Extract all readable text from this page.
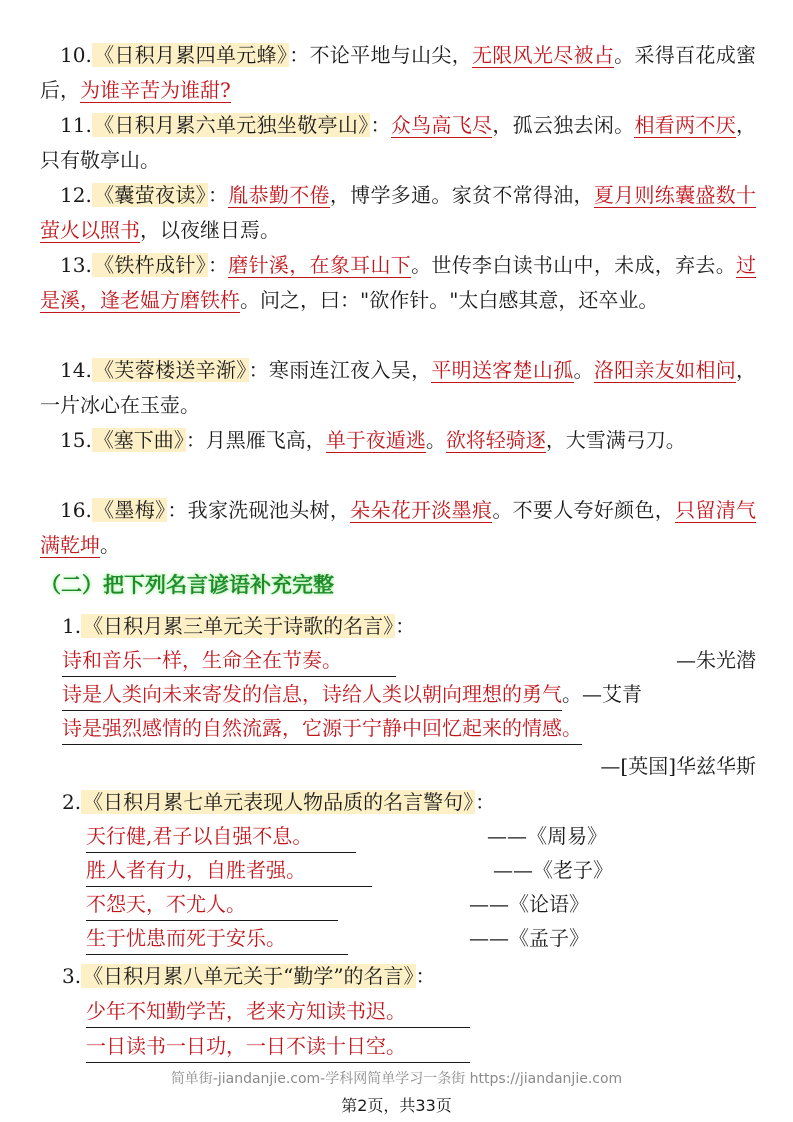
10. 《日积月累四单元蜂》 ：不论平地与山尖，无限风光尽被占。采得百花成蜜后，为谁辛苦为谁甜?
11. 《日积月累六单元独坐敬亭山》 ：众鸟高飞尽，孤云独去闲。相看两不厌，只有敬亭山。
12. 《囊萤夜读》 ：胤恭勤不倦，博学多通。家贫不常得油，夏月则练囊盛数十萤火以照书，以夜继日焉。
13. 《铁杵成针》 ：磨针溪，在象耳山下。世传李白读书山中，未成，弃去。过是溪，逢老媪方磨铁杵。问之，曰："欲作针。"太白感其意，还卒业。
14. 《芙蓉楼送辛渐》 ：寒雨连江夜入吴，平明送客楚山孤。洛阳亲友如相问，一片冰心在玉壶。
15. 《塞下曲》 ：月黑雁飞高，单于夜遁逃。欲将轻骑逐，大雪满弓刀。
16. 《墨梅》 ：我家洗砚池头树，朵朵花开淡墨痕。不要人夸好颜色，只留清气满乾坤。
（二）把下列名言谚语补充完整
1. 《日积月累三单元关于诗歌的名言》 ：
诗和音乐一样，生命全在节奏。	—朱光潜
诗是人类向未来寄发的信息，诗给人类以朝向理想的勇气。—艾青
诗是强烈感情的自然流露，它源于宁静中回忆起来的情感。
—[英国]华兹华斯
2. 《日积月累七单元表现人物品质的名言警句》 ：
天行健,君子以自强不息。	——《周易》
胜人者有力，自胜者强。	——《老子》
不怨天，不尤人。	——《论语》
生于忧患而死于安乐。	——《孟子》
3. 《日积月累八单元关于“勤学”的名言》 ：
少年不知勤学苦，老来方知读书迟。
一日读书一日功，一日不读十日空。
简单街-jiandanjie.com-学科网简单学习一条街 https://jiandanjie.com
第2页，共33页
